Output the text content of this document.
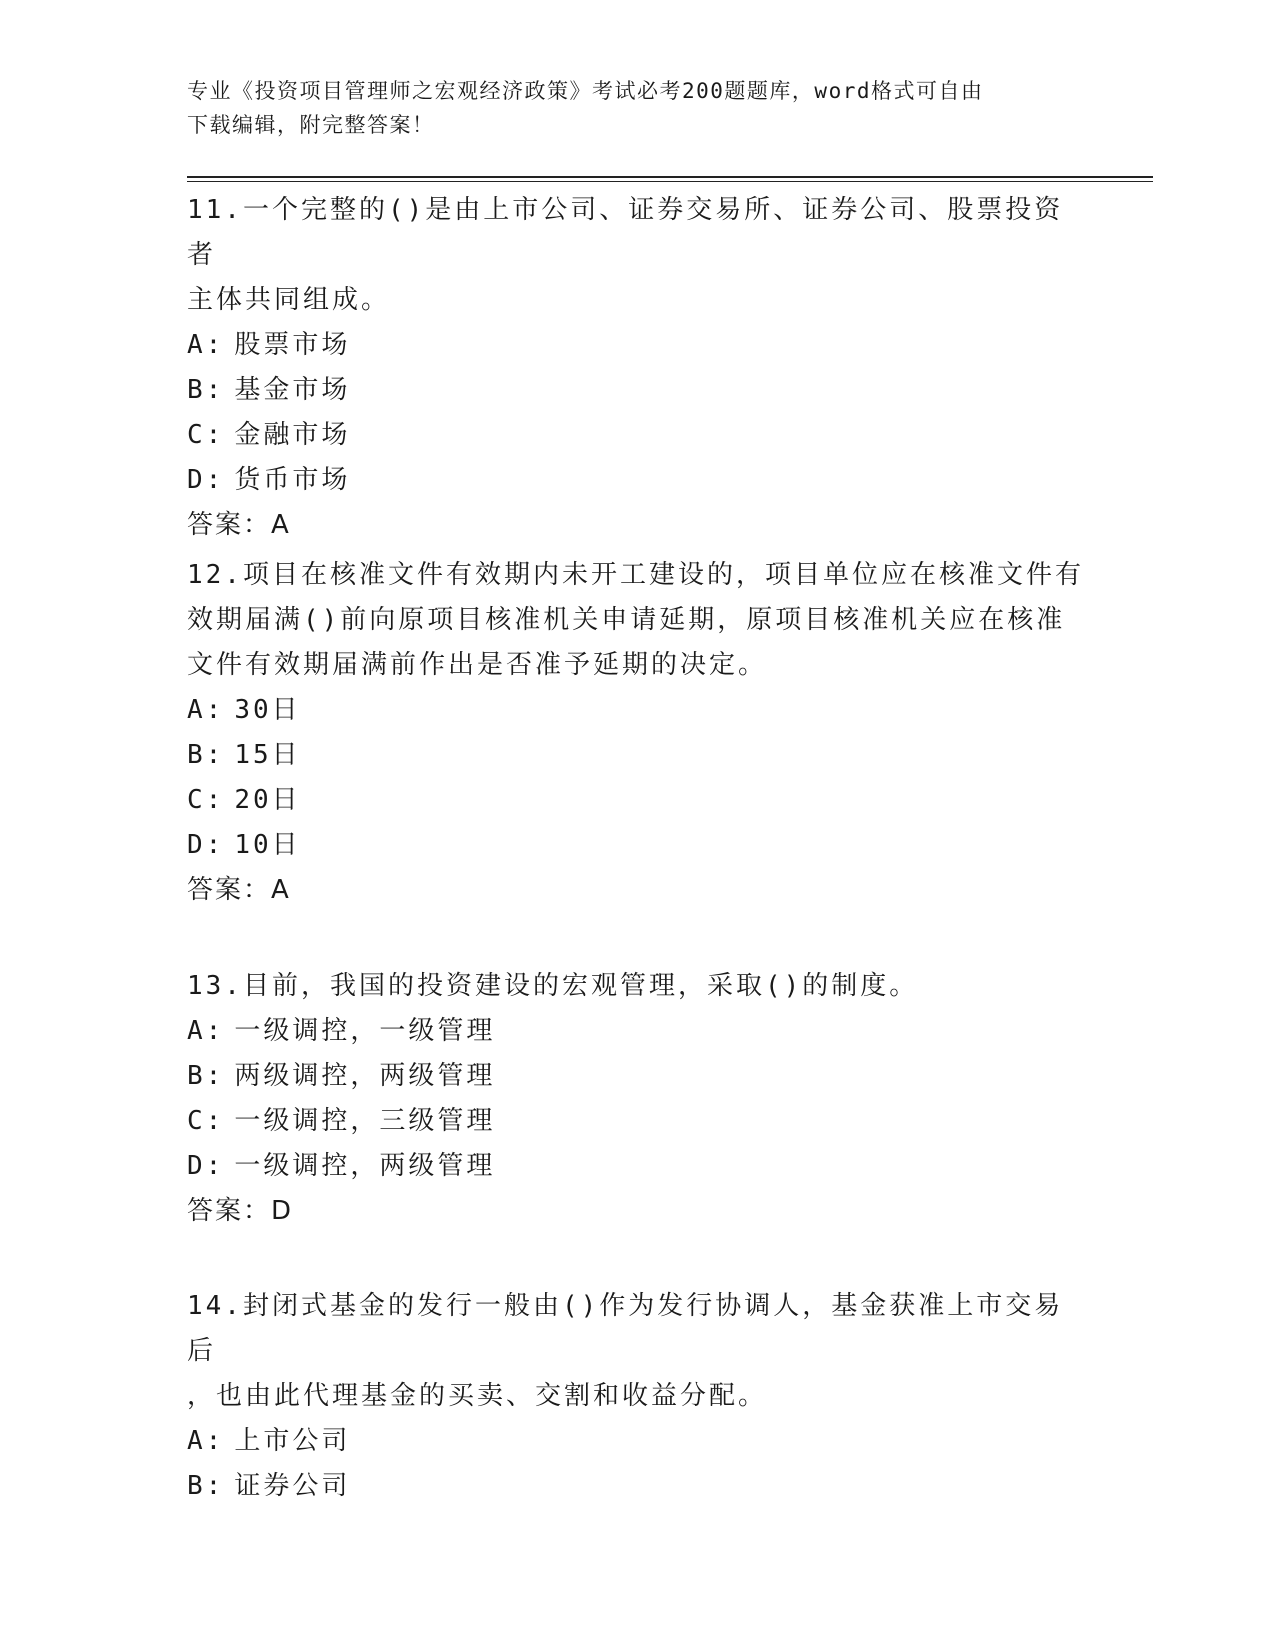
专业《投资项目管理师之宏观经济政策》考试必考200题题库，word格式可自由
下载编辑，附完整答案！

11.一个完整的()是由上市公司、证券交易所、证券公司、股票投资者

主体共同组成。

A: 股票市场

B: 基金市场

C: 金融市场

D: 货币市场

答案：A

12.项目在核准文件有效期内未开工建设的，项目单位应在核准文件有

效期届满()前向原项目核准机关申请延期，原项目核准机关应在核准

文件有效期届满前作出是否准予延期的决定。

A: 30日

B: 15日

C: 20日

D: 10日

答案：A

13.目前，我国的投资建设的宏观管理，采取()的制度。

A: 一级调控，一级管理

B: 两级调控，两级管理

C: 一级调控，三级管理

D: 一级调控，两级管理

答案：D

14.封闭式基金的发行一般由()作为发行协调人，基金获准上市交易后

，也由此代理基金的买卖、交割和收益分配。

A: 上市公司

B: 证券公司
